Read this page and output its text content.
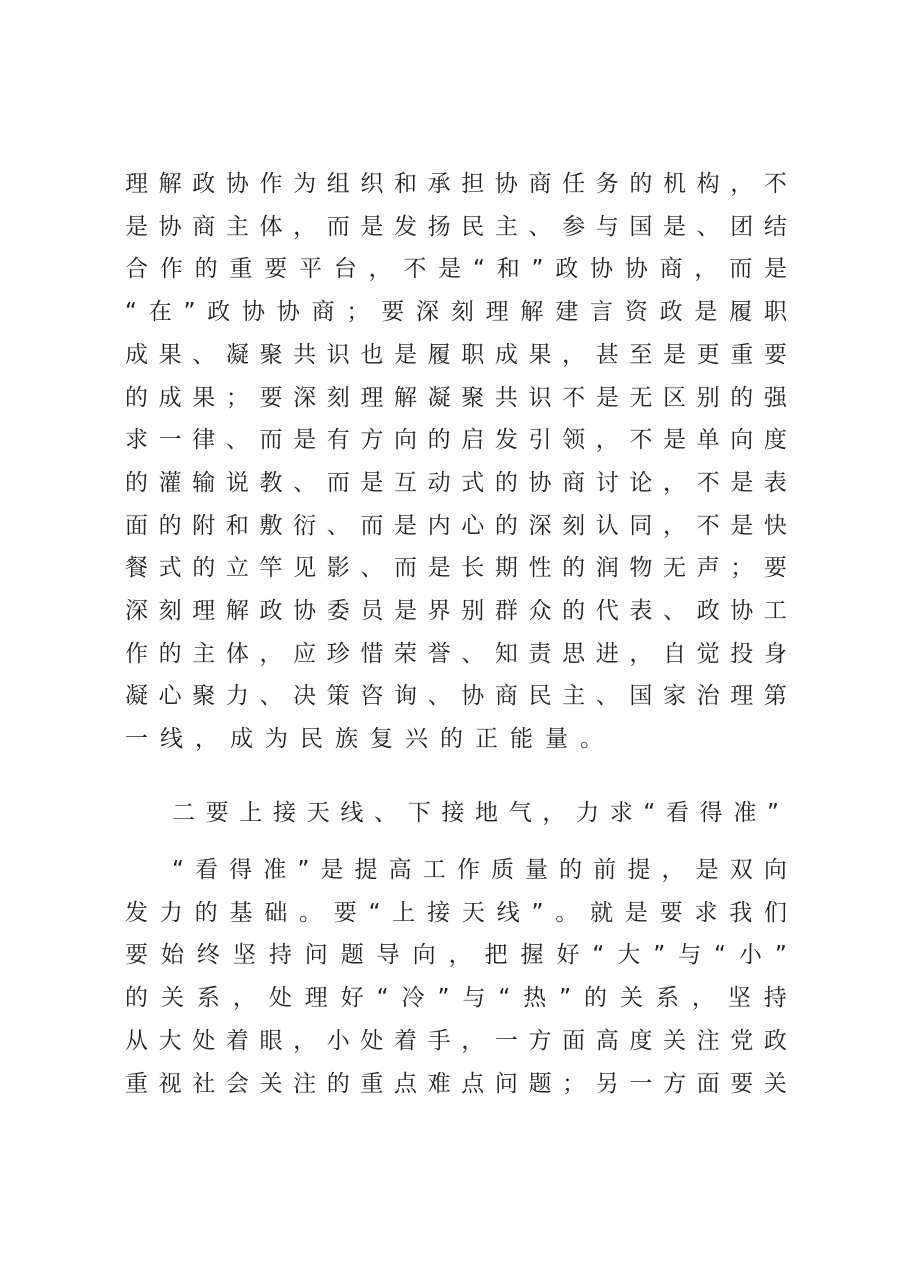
理 解 政 协 作 为 组 织 和 承 担 协 商 任 务 的 机 构 ， 不
是 协 商 主 体 ， 而 是 发 扬 民 主 、 参 与 国 是 、 团 结
合 作 的 重 要 平 台 ， 不 是 “ 和 ” 政 协 协 商 ， 而 是
“ 在 ” 政 协 协 商 ； 要 深 刻 理 解 建 言 资 政 是 履 职
成 果 、 凝 聚 共 识 也 是 履 职 成 果 ， 甚 至 是 更 重 要
的 成 果 ； 要 深 刻 理 解 凝 聚 共 识 不 是 无 区 别 的 强
求 一 律 、 而 是 有 方 向 的 启 发 引 领 ， 不 是 单 向 度
的 灌 输 说 教 、 而 是 互 动 式 的 协 商 讨 论 ， 不 是 表
面 的 附 和 敷 衍 、 而 是 内 心 的 深 刻 认 同 ， 不 是 快
餐 式 的 立 竿 见 影 、 而 是 长 期 性 的 润 物 无 声 ； 要
深 刻 理 解 政 协 委 员 是 界 别 群 众 的 代 表 、 政 协 工
作 的 主 体 ， 应 珍 惜 荣 誉 、 知 责 思 进 ， 自 觉 投 身
凝 心 聚 力 、 决 策 咨 询 、 协 商 民 主 、 国 家 治 理 第
一 线 ， 成 为 民 族 复 兴 的 正 能 量 。
二 要 上 接 天 线 、 下 接 地 气 ， 力 求 “ 看 得 准 ”
“ 看 得 准 ” 是 提 高 工 作 质 量 的 前 提 ， 是 双 向
发 力 的 基 础 。 要 “ 上 接 天 线 ” 。 就 是 要 求 我 们
要 始 终 坚 持 问 题 导 向 ， 把 握 好 “ 大 ” 与 “ 小 ”
的 关 系 ， 处 理 好 “ 冷 ” 与 “ 热 ” 的 关 系 ， 坚 持
从 大 处 着 眼 ， 小 处 着 手 ， 一 方 面 高 度 关 注 党 政
重 视 社 会 关 注 的 重 点 难 点 问 题 ； 另 一 方 面 要 关
